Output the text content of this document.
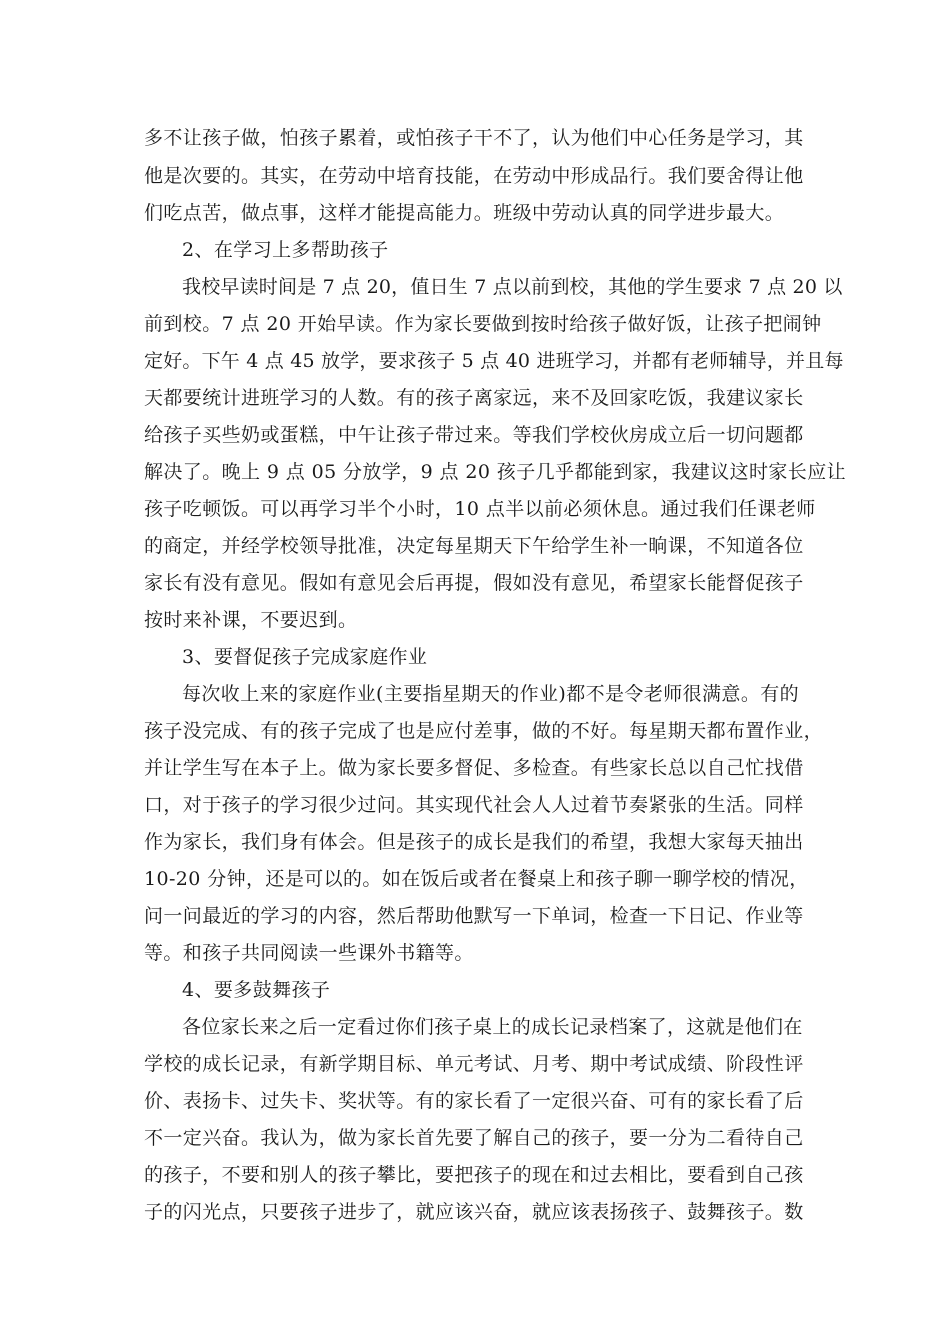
多不让孩子做，怕孩子累着，或怕孩子干不了，认为他们中心任务是学习，其
他是次要的。其实，在劳动中培育技能，在劳动中形成品行。我们要舍得让他
们吃点苦，做点事，这样才能提高能力。班级中劳动认真的同学进步最大。
2、在学习上多帮助孩子
我校早读时间是 7 点 20，值日生 7 点以前到校，其他的学生要求 7 点 20 以
前到校。7 点 20 开始早读。作为家长要做到按时给孩子做好饭，让孩子把闹钟
定好。下午 4 点 45 放学，要求孩子 5 点 40 进班学习，并都有老师辅导，并且每
天都要统计进班学习的人数。有的孩子离家远，来不及回家吃饭，我建议家长
给孩子买些奶或蛋糕，中午让孩子带过来。等我们学校伙房成立后一切问题都
解决了。晚上 9 点 05 分放学，9 点 20 孩子几乎都能到家，我建议这时家长应让
孩子吃顿饭。可以再学习半个小时，10 点半以前必须休息。通过我们任课老师
的商定，并经学校领导批准，决定每星期天下午给学生补一晌课，不知道各位
家长有没有意见。假如有意见会后再提，假如没有意见，希望家长能督促孩子
按时来补课，不要迟到。
3、要督促孩子完成家庭作业
每次收上来的家庭作业(主要指星期天的作业)都不是令老师很满意。有的
孩子没完成、有的孩子完成了也是应付差事，做的不好。每星期天都布置作业，
并让学生写在本子上。做为家长要多督促、多检查。有些家长总以自己忙找借
口，对于孩子的学习很少过问。其实现代社会人人过着节奏紧张的生活。同样
作为家长，我们身有体会。但是孩子的成长是我们的希望，我想大家每天抽出
10-20 分钟，还是可以的。如在饭后或者在餐桌上和孩子聊一聊学校的情况，
问一问最近的学习的内容，然后帮助他默写一下单词，检查一下日记、作业等
等。和孩子共同阅读一些课外书籍等。
4、要多鼓舞孩子
各位家长来之后一定看过你们孩子桌上的成长记录档案了，这就是他们在
学校的成长记录，有新学期目标、单元考试、月考、期中考试成绩、阶段性评
价、表扬卡、过失卡、奖状等。有的家长看了一定很兴奋、可有的家长看了后
不一定兴奋。我认为，做为家长首先要了解自己的孩子，要一分为二看待自己
的孩子，不要和别人的孩子攀比，要把孩子的现在和过去相比，要看到自己孩
子的闪光点，只要孩子进步了，就应该兴奋，就应该表扬孩子、鼓舞孩子。数
